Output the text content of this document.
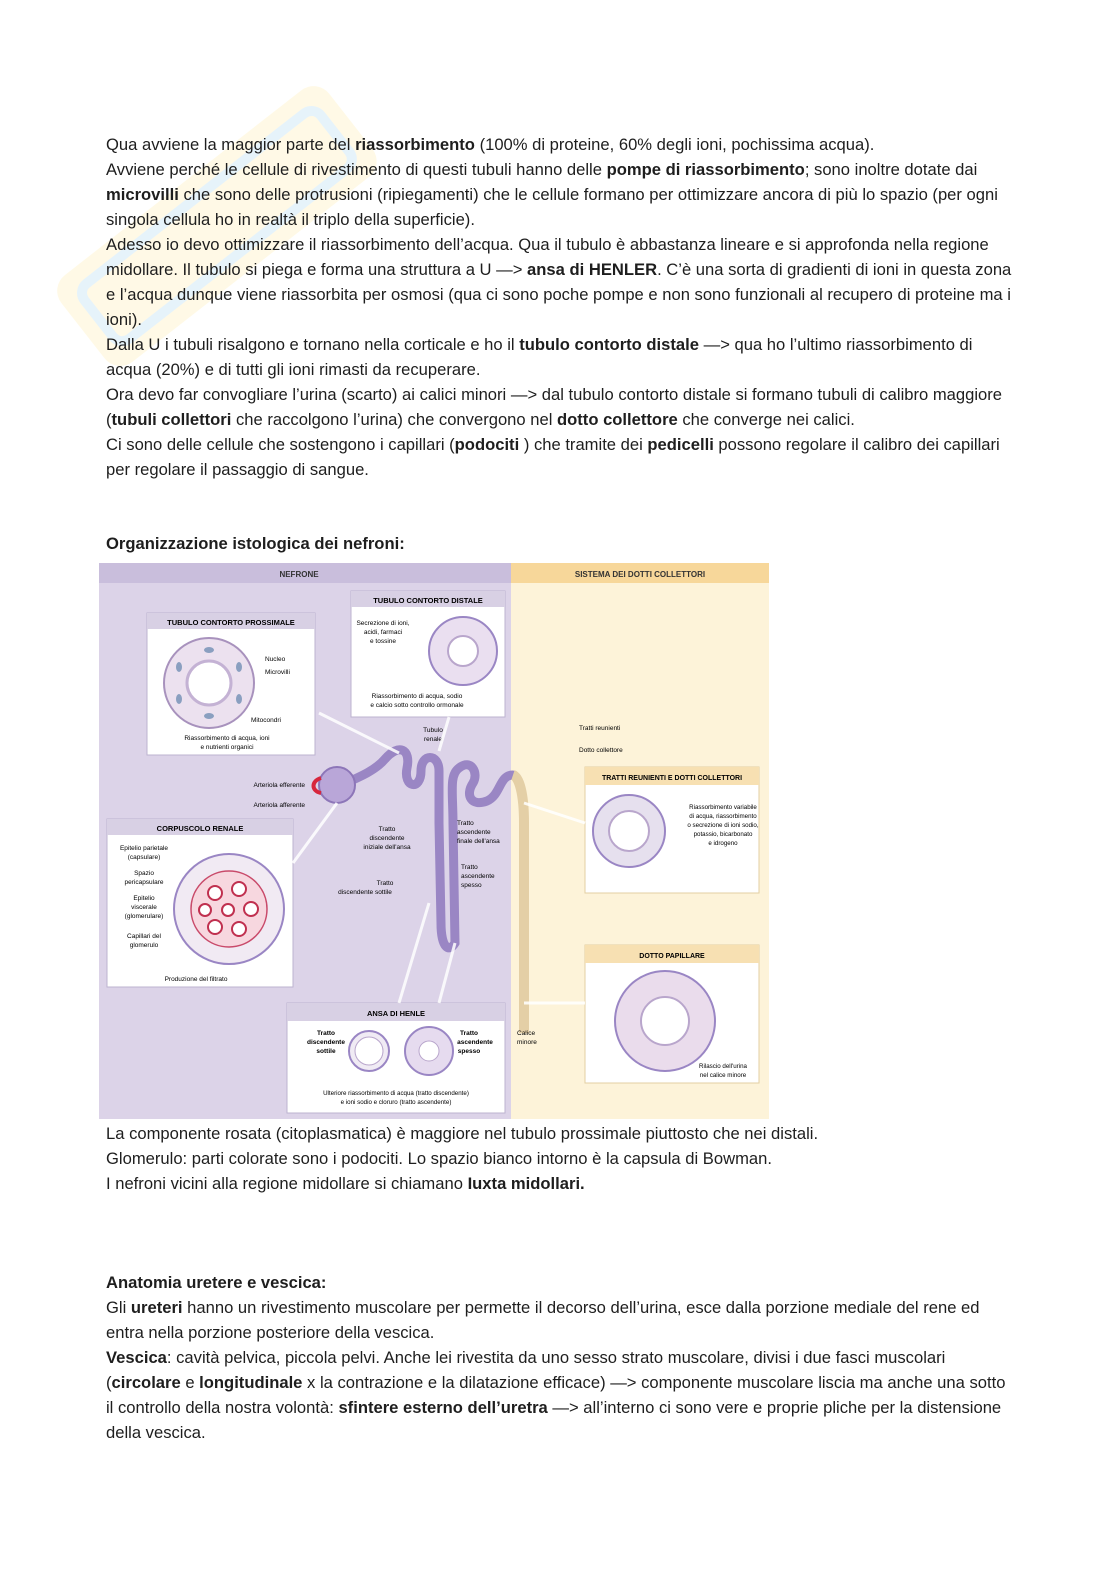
Qua avviene la maggior parte del riassorbimento (100% di proteine, 60% degli ioni, pochissima acqua).

Avviene perché le cellule di rivestimento di questi tubuli hanno delle pompe di riassorbimento; sono inoltre dotate dai microvilli che sono delle protrusioni (ripiegamenti) che le cellule formano per ottimizzare ancora di più lo spazio (per ogni singola cellula ho in realtà il triplo della superficie).

Adesso io devo ottimizzare il riassorbimento dell’acqua. Qua il tubulo è abbastanza lineare e si approfonda nella regione midollare. Il tubulo si piega e forma una struttura a U —> ansa di HENLER. C’è una sorta di gradienti di ioni in questa zona e l’acqua dunque viene riassorbita per osmosi (qua ci sono poche pompe e non sono funzionali al recupero di proteine ma i ioni).

Dalla U i tubuli risalgono e tornano nella corticale e ho il tubulo contorto distale —> qua ho l’ultimo riassorbimento di acqua (20%) e di tutti gli ioni rimasti da recuperare.

Ora devo far convogliare l’urina (scarto) ai calici minori —> dal tubulo contorto distale si formano tubuli di calibro maggiore (tubuli collettori che raccolgono l’urina) che convergono nel dotto collettore che converge nei calici.

Ci sono delle cellule che sostengono i capillari (podociti ) che tramite dei pedicelli possono regolare il calibro dei capillari per regolare il passaggio di sangue.

Organizzazione istologica dei nefroni:
NEFRONE	SISTEMA DEI DOTTI COLLETTORI
TUBULO CONTORTO PROSSIMALE
Nucleo
Microvilli
Mitocondri
Riassorbimento di acqua, ioni
e nutrienti organici
TUBULO CONTORTO DISTALE
Secrezione di ioni,
acidi, farmaci
e tossine
Riassorbimento di acqua, sodio
e calcio sotto controllo ormonale
Tubulo
renale
Arteriola efferente
Arteriola afferente
CORPUSCOLO RENALE
Epitelio parietale
(capsulare)
Spazio
pericapsulare
Epitelio
viscerale
(glomerulare)
Capillari del
glomerulo
Produzione del filtrato
Tratto
discendente
iniziale dell'ansa
Tratto
ascendente
finale dell'ansa
Tratto
ascendente
spesso
Tratto
discendente sottile
Tratti reunienti
Dotto collettore
TRATTI REUNIENTI E DOTTI COLLETTORI
Riassorbimento variabile
di acqua, riassorbimento
o secrezione di ioni sodio,
potassio, bicarbonato
e idrogeno
DOTTO PAPILLARE
Rilascio dell'urina
nel calice minore
Calice
minore
ANSA DI HENLE
Tratto
discendente
sottile
Tratto
ascendente
spesso
Ulteriore riassorbimento di acqua (tratto discendente)
e ioni sodio e cloruro (tratto ascendente)

La componente rosata (citoplasmatica) è maggiore nel tubulo prossimale piuttosto che nei distali.

Glomerulo: parti colorate sono i podociti. Lo spazio bianco intorno è la capsula di Bowman.

I nefroni vicini alla regione midollare si chiamano Iuxta midollari.

Anatomia uretere e vescica:

Gli ureteri hanno un rivestimento muscolare per permette il decorso dell’urina, esce dalla porzione mediale del rene ed entra nella porzione posteriore della vescica.

Vescica: cavità pelvica, piccola pelvi. Anche lei rivestita da uno sesso strato muscolare, divisi i due fasci muscolari (circolare e longitudinale x la contrazione e la dilatazione efficace) —> componente muscolare liscia ma anche una sotto il controllo della nostra volontà: sfintere esterno dell’uretra —> all’interno ci sono vere e proprie pliche per la distensione della vescica.
